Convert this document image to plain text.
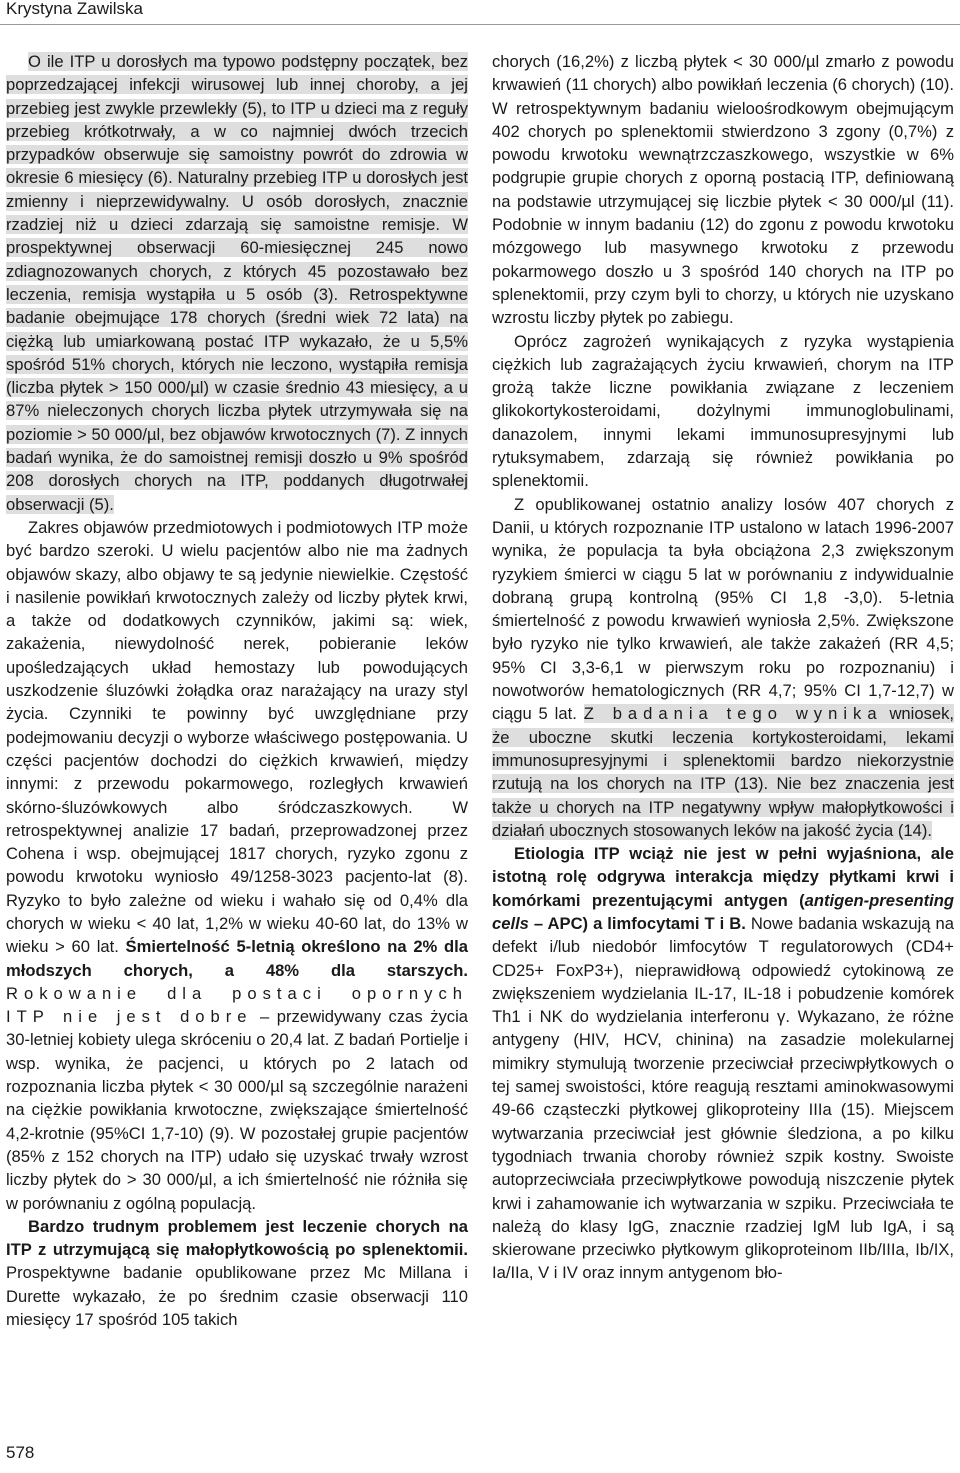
Krystyna Zawilska

O ile ITP u dorosłych ma typowo podstępny początek, bez poprzedzającej infekcji wirusowej lub innej choroby, a jej przebieg jest zwykle przewlekły (5), to ITP u dzieci ma z reguły przebieg krótkotrwały, a w co najmniej dwóch trzecich przypadków obserwuje się samoistny powrót do zdrowia w okresie 6 miesięcy (6). Naturalny przebieg ITP u dorosłych jest zmienny i nieprzewidywalny. U osób dorosłych, znacznie rzadziej niż u dzieci zdarzają się samoistne remisje. W prospektywnej obserwacji 60-miesięcznej 245 nowo zdiagnozowanych chorych, z których 45 pozostawało bez leczenia, remisja wystąpiła u 5 osób (3). Retrospektywne badanie obejmujące 178 chorych (średni wiek 72 lata) na ciężką lub umiarkowaną postać ITP wykazało, że u 5,5% spośród 51% chorych, których nie leczono, wystąpiła remisja (liczba płytek > 150 000/µl) w czasie średnio 43 miesięcy, a u 87% nieleczonych chorych liczba płytek utrzymywała się na poziomie > 50 000/µl, bez objawów krwotocznych (7). Z innych badań wynika, że do samoistnej remisji doszło u 9% spośród 208 dorosłych chorych na ITP, poddanych długotrwałej obserwacji (5).

Zakres objawów przedmiotowych i podmiotowych ITP może być bardzo szeroki. U wielu pacjentów albo nie ma żadnych objawów skazy, albo objawy te są jedynie niewielkie. Częstość i nasilenie powikłań krwotocznych zależy od liczby płytek krwi, a także od dodatkowych czynników, jakimi są: wiek, zakażenia, niewydolność nerek, pobieranie leków upośledzających układ hemostazy lub powodujących uszkodzenie śluzówki żołądka oraz narażający na urazy styl życia. Czynniki te powinny być uwzględniane przy podejmowaniu decyzji o wyborze właściwego postępowania. U części pacjentów dochodzi do ciężkich krwawień, między innymi: z przewodu pokarmowego, rozległych krwawień skórno-śluzówkowych albo śródczaszkowych. W retrospektywnej analizie 17 badań, przeprowadzonej przez Cohena i wsp. obejmującej 1817 chorych, ryzyko zgonu z powodu krwotoku wyniosło 49/1258-3023 pacjento-lat (8). Ryzyko to było zależne od wieku i wahało się od 0,4% dla chorych w wieku < 40 lat, 1,2% w wieku 40-60 lat, do 13% w wieku > 60 lat. Śmiertelność 5-letnią określono na 2% dla młodszych chorych, a 48% dla starszych. Rokowanie dla postaci opornych ITP nie jest dobre – przewidywany czas życia 30-letniej kobiety ulega skróceniu o 20,4 lat. Z badań Portielje i wsp. wynika, że pacjenci, u których po 2 latach od rozpoznania liczba płytek < 30 000/µl są szczególnie narażeni na ciężkie powikłania krwotoczne, zwiększające śmiertelność 4,2-krotnie (95%CI 1,7-10) (9). W pozostałej grupie pacjentów (85% z 152 chorych na ITP) udało się uzyskać trwały wzrost liczby płytek do > 30 000/µl, a ich śmiertelność nie różniła się w porównaniu z ogólną populacją.

Bardzo trudnym problemem jest leczenie chorych na ITP z utrzymującą się małopłytkowością po splenektomii. Prospektywne badanie opublikowane przez Mc Millana i Durette wykazało, że po średnim czasie obserwacji 110 miesięcy 17 spośród 105 takich

chorych (16,2%) z liczbą płytek < 30 000/µl zmarło z powodu krwawień (11 chorych) albo powikłań leczenia (6 chorych) (10). W retrospektywnym badaniu wieloośrodkowym obejmującym 402 chorych po splenektomii stwierdzono 3 zgony (0,7%) z powodu krwotoku wewnątrzczaszkowego, wszystkie w 6% podgrupie grupie chorych z oporną postacią ITP, definiowaną na podstawie utrzymującej się liczbie płytek < 30 000/µl (11). Podobnie w innym badaniu (12) do zgonu z powodu krwotoku mózgowego lub masywnego krwotoku z przewodu pokarmowego doszło u 3 spośród 140 chorych na ITP po splenektomii, przy czym byli to chorzy, u których nie uzyskano wzrostu liczby płytek po zabiegu.

Oprócz zagrożeń wynikających z ryzyka wystąpienia ciężkich lub zagrażających życiu krwawień, chorym na ITP grożą także liczne powikłania związane z leczeniem glikokortykosteroidami, dożylnymi immunoglobulinami, danazolem, innymi lekami immunosupresyjnymi lub rytuksymabem, zdarzają się również powikłania po splenektomii.

Z opublikowanej ostatnio analizy losów 407 chorych z Danii, u których rozpoznanie ITP ustalono w latach 1996-2007 wynika, że populacja ta była obciążona 2,3 zwiększonym ryzykiem śmierci w ciągu 5 lat w porównaniu z indywidualnie dobraną grupą kontrolną (95% CI 1,8 -3,0). 5-letnia śmiertelność z powodu krwawień wyniosła 2,5%. Zwiększone było ryzyko nie tylko krwawień, ale także zakażeń (RR 4,5; 95% CI 3,3-6,1 w pierwszym roku po rozpoznaniu) i nowotworów hematologicznych (RR 4,7; 95% CI 1,7-12,7) w ciągu 5 lat. Z badania tego wynika wniosek, że uboczne skutki leczenia kortykosteroidami, lekami immunosupresyjnymi i splenektomii bardzo niekorzystnie rzutują na los chorych na ITP (13). Nie bez znaczenia jest także u chorych na ITP negatywny wpływ małopłytkowości i działań ubocznych stosowanych leków na jakość życia (14).

Etiologia ITP wciąż nie jest w pełni wyjaśniona, ale istotną rolę odgrywa interakcja między płytkami krwi i komórkami prezentującymi antygen (antigen-presenting cells – APC) a limfocytami T i B. Nowe badania wskazują na defekt i/lub niedobór limfocytów T regulatorowych (CD4+ CD25+ FoxP3+), nieprawidłową odpowiedź cytokinową ze zwiększeniem wydzielania IL-17, IL-18 i pobudzenie komórek Th1 i NK do wydzielania interferonu γ. Wykazano, że różne antygeny (HIV, HCV, chinina) na zasadzie molekularnej mimikry stymulują tworzenie przeciwciał przeciwpłytkowych o tej samej swoistości, które reagują resztami aminokwasowymi 49-66 cząsteczki płytkowej glikoproteiny IIIa (15). Miejscem wytwarzania przeciwciał jest głównie śledziona, a po kilku tygodniach trwania choroby również szpik kostny. Swoiste autoprzeciwciała przeciwpłytkowe powodują niszczenie płytek krwi i zahamowanie ich wytwarzania w szpiku. Przeciwciała te należą do klasy IgG, znacznie rzadziej IgM lub IgA, i są skierowane przeciwko płytkowym glikoproteinom IIb/IIIa, Ib/IX, Ia/IIa, V i IV oraz innym antygenom bło-

578
